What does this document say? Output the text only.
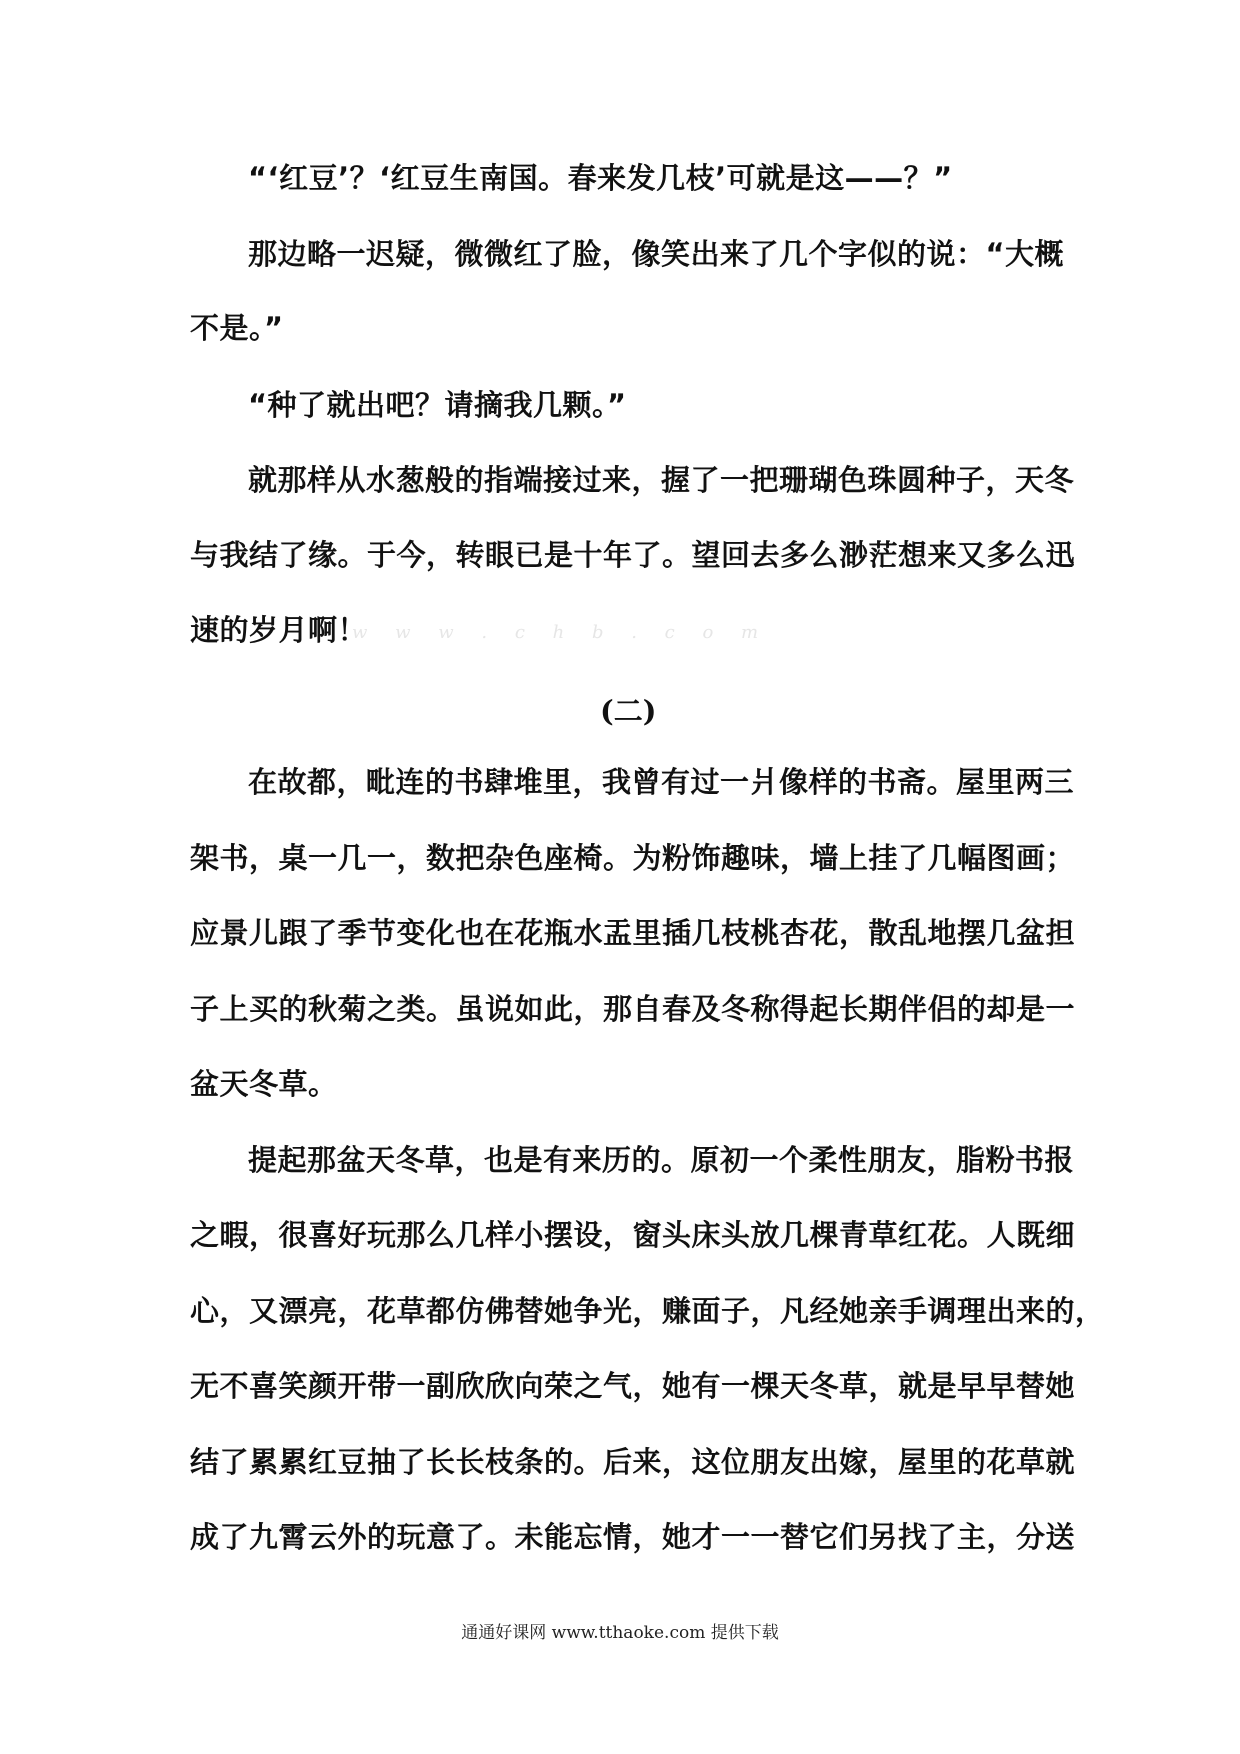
“‘红豆’？‘红豆生南国。春来发几枝’可就是这——？”
那边略一迟疑，微微红了脸，像笑出来了几个字似的说：“大概
不是。”
“种了就出吧？请摘我几颗。”
就那样从水葱般的指端接过来，握了一把珊瑚色珠圆种子，天冬
与我结了缘。于今，转眼已是十年了。望回去多么渺茫想来又多么迅
速的岁月啊！
w w w . c h b . c o m
(二)
在故都，毗连的书肆堆里，我曾有过一爿像样的书斋。屋里两三
架书，桌一几一，数把杂色座椅。为粉饰趣味，墙上挂了几幅图画；
应景儿跟了季节变化也在花瓶水盂里插几枝桃杏花，散乱地摆几盆担
子上买的秋菊之类。虽说如此，那自春及冬称得起长期伴侣的却是一
盆天冬草。
提起那盆天冬草，也是有来历的。原初一个柔性朋友，脂粉书报
之暇，很喜好玩那么几样小摆设，窗头床头放几棵青草红花。人既细
心，又漂亮，花草都仿佛替她争光，赚面子，凡经她亲手调理出来的，
无不喜笑颜开带一副欣欣向荣之气，她有一棵天冬草，就是早早替她
结了累累红豆抽了长长枝条的。后来，这位朋友出嫁，屋里的花草就
成了九霄云外的玩意了。未能忘情，她才一一替它们另找了主，分送
通通好课网 www.tthaoke.com 提供下载
